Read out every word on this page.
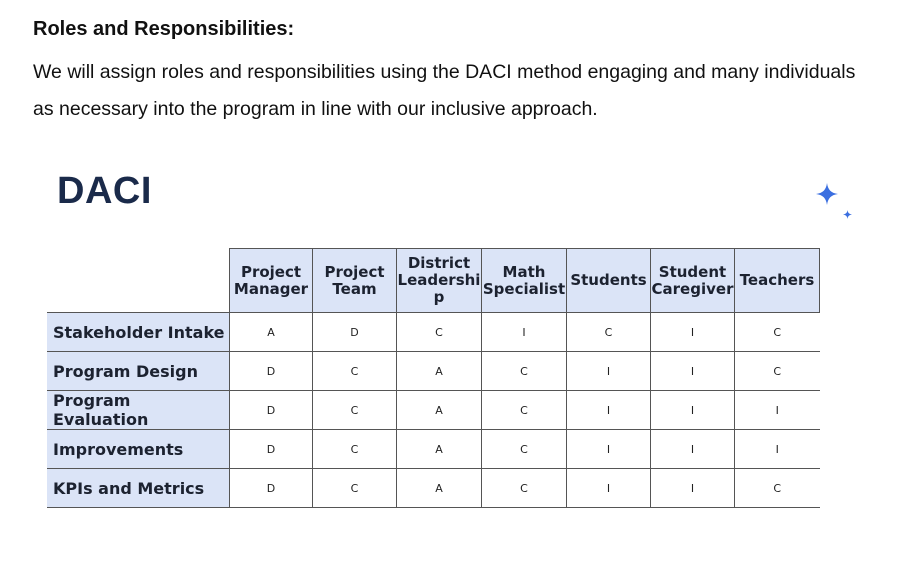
Roles and Responsibilities:
We will assign roles and responsibilities using the DACI method engaging and many individuals as necessary into the program in line with our inclusive approach.
DACI
	Project Manager	Project Team	District Leadershi p	Math Specialist	Students	Student Caregiver	Teachers
Stakeholder Intake	A	D	C	I	C	I	C
Program Design	D	C	A	C	I	I	C
Program Evaluation	D	C	A	C	I	I	I
Improvements	D	C	A	C	I	I	I
KPIs and Metrics	D	C	A	C	I	I	C
